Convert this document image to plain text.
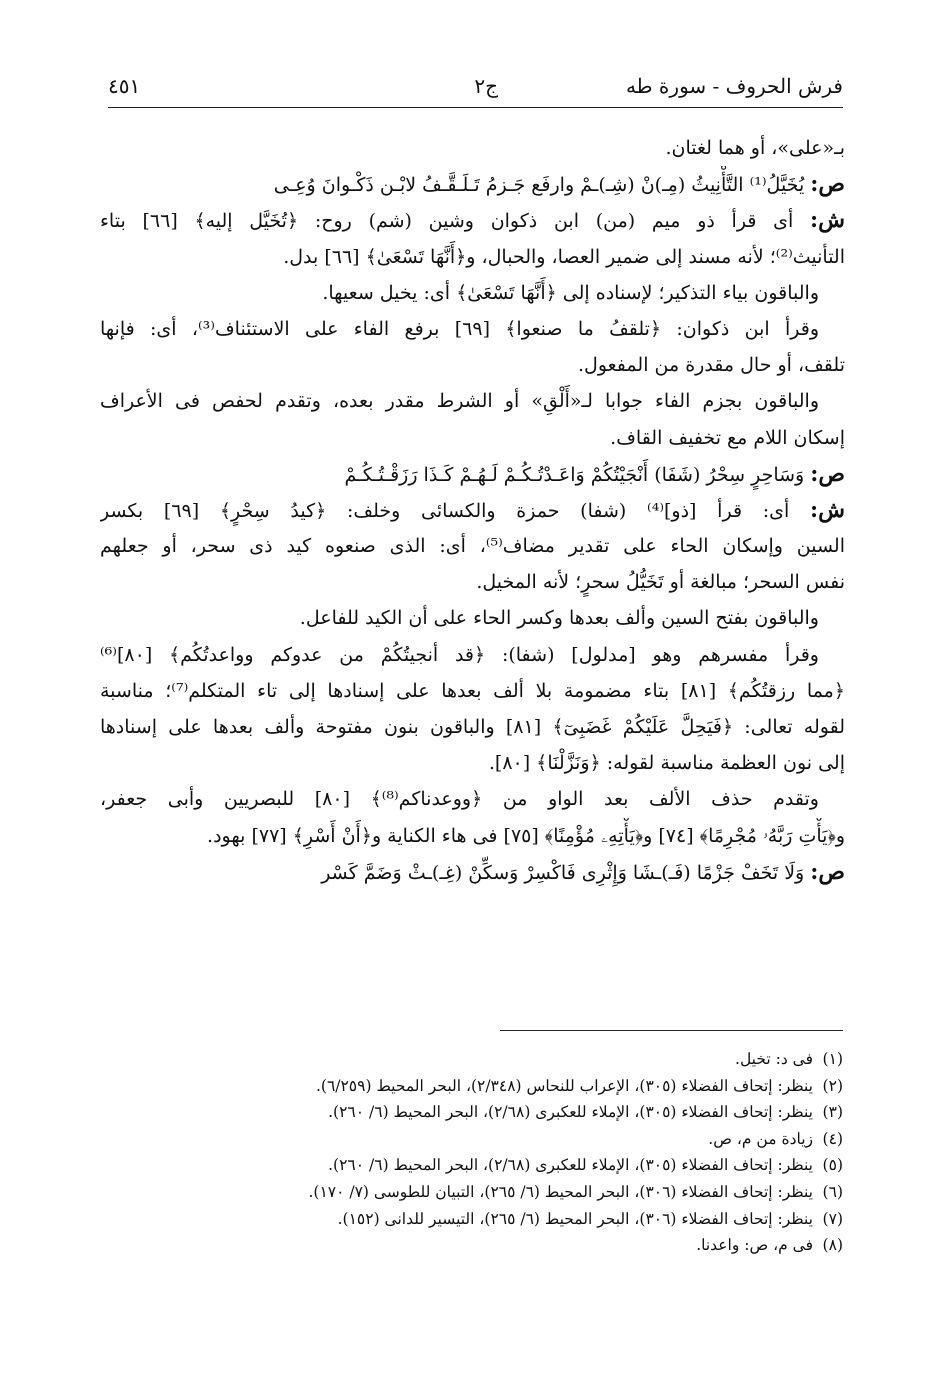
فرش الحروف - سورة طه
ج٢
٤٥١
بـ«على»، أو هما لغتان.
ص: يُخَيَّلُ⁽¹⁾ التَّأْنِيثُ (مِـ)نْ (شِـ)ـمْ وارفَع جَـزمُ تَـلَـقَّـفُ لابْـن ذَكْـوانَ وُعِـى
ش: أى قرأ ذو ميم (من) ابن ذكوان وشين (شم) روح: ﴿تُخَيَّل إليه﴾ [٦٦] بتاء
التأنيث⁽²⁾؛ لأنه مسند إلى ضمير العصا، والحبال، و﴿أَنَّهَا تَسْعَىٰ﴾ [٦٦] بدل.
والباقون بياء التذكير؛ لإسناده إلى ﴿أَنَّهَا تَسْعَىٰ﴾ أى: يخيل سعيها.
وقرأ ابن ذكوان: ﴿تلقفُ ما صنعوا﴾ [٦٩] برفع الفاء على الاستئناف⁽³⁾، أى: فإنها
تلقف، أو حال مقدرة من المفعول.
والباقون بجزم الفاء جوابا لـ«أَلْقِ» أو الشرط مقدر بعده، وتقدم لحفص فى الأعراف
إسكان اللام مع تخفيف القاف.
ص: وَسَاحِرٍ سِحْرُ (شَفَا) أَنْجَيْتُكُمْ وَاعَـدْتُـكُـمْ لَـهُـمْ كَـذَا رَزَقْـتُـكُـمْ
ش: أى: قرأ [ذو]⁽⁴⁾ (شفا) حمزة والكسائى وخلف: ﴿كيدُ سِحْرٍ﴾ [٦٩] بكسر
السين وإسكان الحاء على تقدير مضاف⁽⁵⁾، أى: الذى صنعوه كيد ذى سحر، أو جعلهم
نفس السحر؛ مبالغة أو تَخَيُّلُ سحرٍ؛ لأنه المخيل.
والباقون بفتح السين وألف بعدها وكسر الحاء على أن الكيد للفاعل.
وقرأ مفسرهم وهو [مدلول] (شفا): ﴿قد أنجيتُكُمْ من عدوكم وواعدتُكُم﴾ [٨٠]⁽⁶⁾
﴿مما رزقتُكُم﴾ [٨١] بتاء مضمومة بلا ألف بعدها على إسنادها إلى تاء المتكلم⁽⁷⁾؛ مناسبة
لقوله تعالى: ﴿فَيَحِلَّ عَلَيْكُمْ غَضَبِىٓ﴾ [٨١] والباقون بنون مفتوحة وألف بعدها على إسنادها
إلى نون العظمة مناسبة لقوله: ﴿وَنَزَّلْنَا﴾ [٨٠].
وتقدم حذف الألف بعد الواو من ﴿ووعدناكم⁽⁸⁾﴾ [٨٠] للبصريين وأبى جعفر،
و﴿يَأْتِ رَبَّهُۥ مُجْرِمًا﴾ [٧٤] و﴿يَأْتِهِۦ مُؤْمِنًا﴾ [٧٥] فى هاء الكناية و﴿أَنْ أَسْرِ﴾ [٧٧] بهود.
ص: وَلَا تَخَفْ جَزْمًا (فَـ)ـشَا وَإِثْرِى فَاكْسِرْ وَسكِّنْ (غِـ)ـثْ وَضَمَّ كَسْر
(١)فى د: تخيل.
(٢)ينظر: إتحاف الفضلاء (٣٠٥)، الإعراب للنحاس (٢/٣٤٨)، البحر المحيط (٦/٢٥٩).
(٣)ينظر: إتحاف الفضلاء (٣٠٥)، الإملاء للعكبرى (٢/٦٨)، البحر المحيط (٦/ ٢٦٠).
(٤)زيادة من م، ص.
(٥)ينظر: إتحاف الفضلاء (٣٠٥)، الإملاء للعكبرى (٢/٦٨)، البحر المحيط (٦/ ٢٦٠).
(٦)ينظر: إتحاف الفضلاء (٣٠٦)، البحر المحيط (٦/ ٢٦٥)، التبيان للطوسى (٧/ ١٧٠).
(٧)ينظر: إتحاف الفضلاء (٣٠٦)، البحر المحيط (٦/ ٢٦٥)، التيسير للدانى (١٥٢).
(٨)فى م، ص: واعدنا.
